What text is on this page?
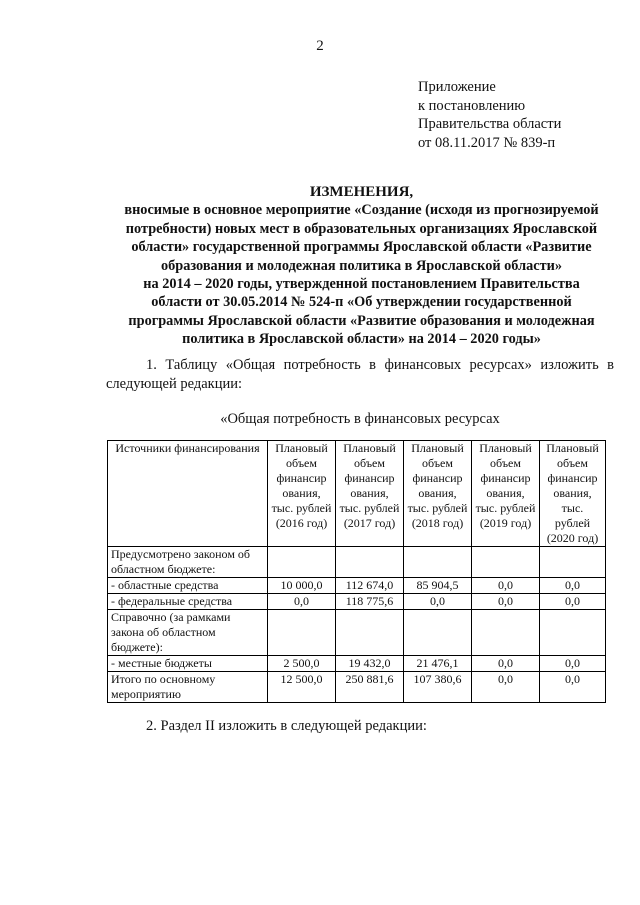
2
Приложение
к постановлению
Правительства области
от 08.11.2017 № 839-п
ИЗМЕНЕНИЯ,
вносимые в основное мероприятие «Создание (исходя из прогнозируемой
потребности) новых мест в образовательных организациях Ярославской
области» государственной программы Ярославской области «Развитие
образования и молодежная политика в Ярославской области»
на 2014 – 2020 годы, утвержденной постановлением Правительства
области от 30.05.2014 № 524-п «Об утверждении государственной
программы Ярославской области «Развитие образования и молодежная
политика в Ярославской области» на 2014 – 2020 годы»
1. Таблицу «Общая потребность в финансовых ресурсах» изложить в следующей редакции:
«Общая потребность в финансовых ресурсах
Источники финансирования	Плановый объем финансир ования, тыс. рублей (2016 год)	Плановый объем финансир ования, тыс. рублей (2017 год)	Плановый объем финансир ования, тыс. рублей (2018 год)	Плановый объем финансир ования, тыс. рублей (2019 год)	Плановый объем финансир ования, тыс. рублей (2020 год)
Предусмотрено законом об областном бюджете:					
- областные средства	10 000,0	112 674,0	85 904,5	0,0	0,0
- федеральные средства	0,0	118 775,6	0,0	0,0	0,0
Справочно (за рамками закона об областном бюджете):					
- местные бюджеты	2 500,0	19 432,0	21 476,1	0,0	0,0
Итого по основному мероприятию	12 500,0	250 881,6	107 380,6	0,0	0,0
2. Раздел II изложить в следующей редакции:
